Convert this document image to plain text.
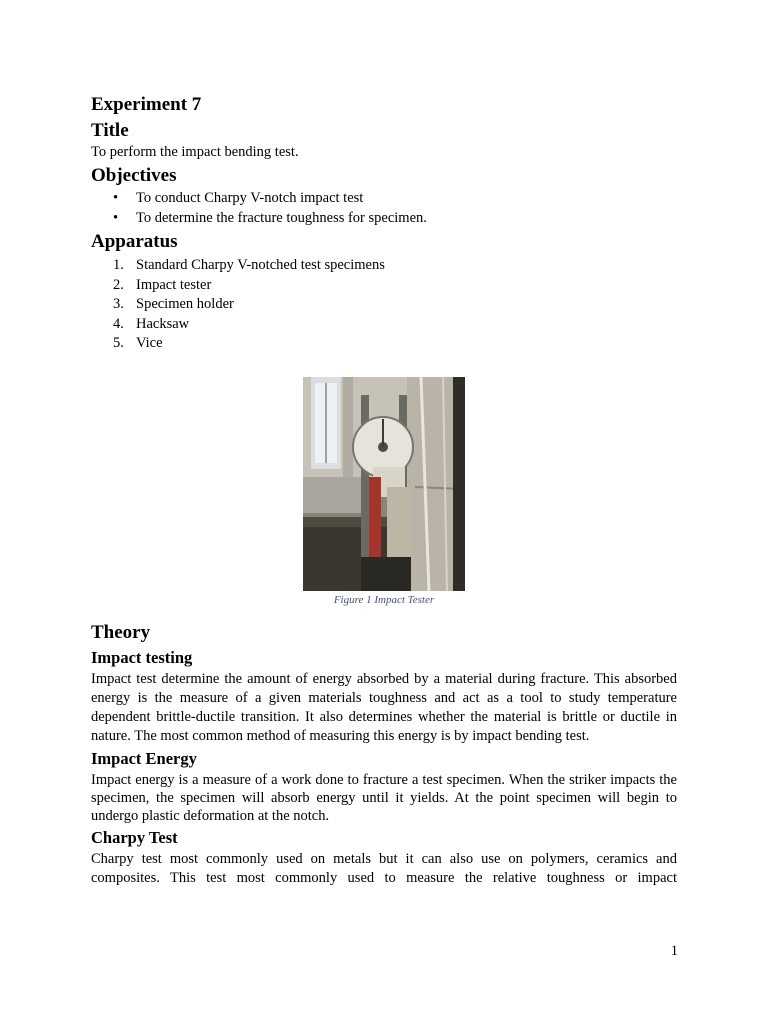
Experiment 7
Title

To perform the impact bending test.

Objectives
• To conduct Charpy V-notch impact test
• To determine the fracture toughness for specimen.
Apparatus
1. Standard Charpy V-notched test specimens
2. Impact tester
3. Specimen holder
4. Hacksaw
5. Vice
Figure 1 Impact Tester
Theory
Impact testing

Impact test determine the amount of energy absorbed by a material during fracture. This absorbed energy is the measure of a given materials toughness and act as a tool to study temperature dependent brittle-ductile transition. It also determines whether the material is brittle or ductile in nature. The most common method of measuring this energy is by impact bending test.

Impact Energy

Impact energy is a measure of a work done to fracture a test specimen. When the striker impacts the specimen, the specimen will absorb energy until it yields. At the point specimen will begin to undergo plastic deformation at the notch.

Charpy Test

Charpy test most commonly used on metals but it can also use on polymers, ceramics and composites. This test most commonly used to measure the relative toughness or impact

1
